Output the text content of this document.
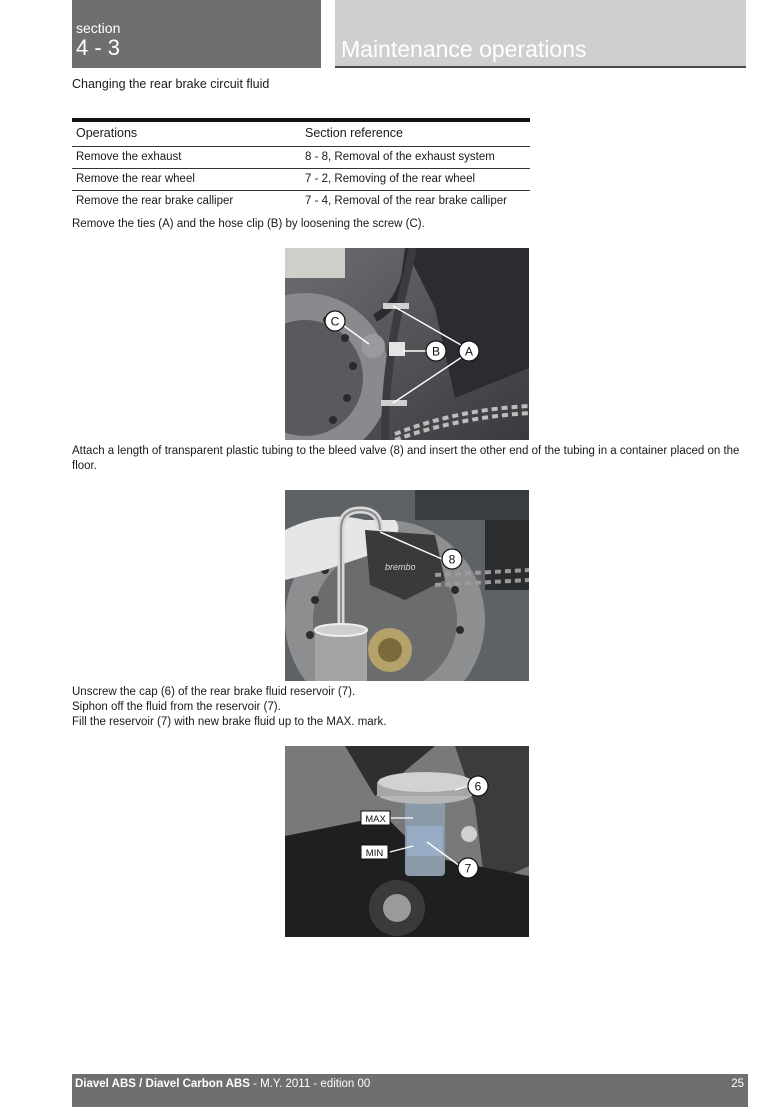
section
4 - 3	Maintenance operations
Changing the rear brake circuit fluid
Operations	Section reference
Remove the exhaust	8 - 8, Removal of the exhaust system
Remove the rear wheel	7 - 2, Removing of the rear wheel
Remove the rear brake calliper	7 - 4, Removal of the rear brake calliper
Remove the ties (A) and the hose clip (B) by loosening the screw (C).
C
B A
Attach a length of transparent plastic tubing to the bleed valve (8) and insert the other end of the tubing in a container placed on the floor.
brembo
8
Unscrew the cap (6) of the rear brake fluid reservoir (7).
Siphon off the fluid from the reservoir (7).
Fill the reservoir (7) with new brake fluid up to the MAX. mark.
MAX
MIN
6
7
Diavel ABS / Diavel Carbon ABS - M.Y. 2011 - edition 00	25
